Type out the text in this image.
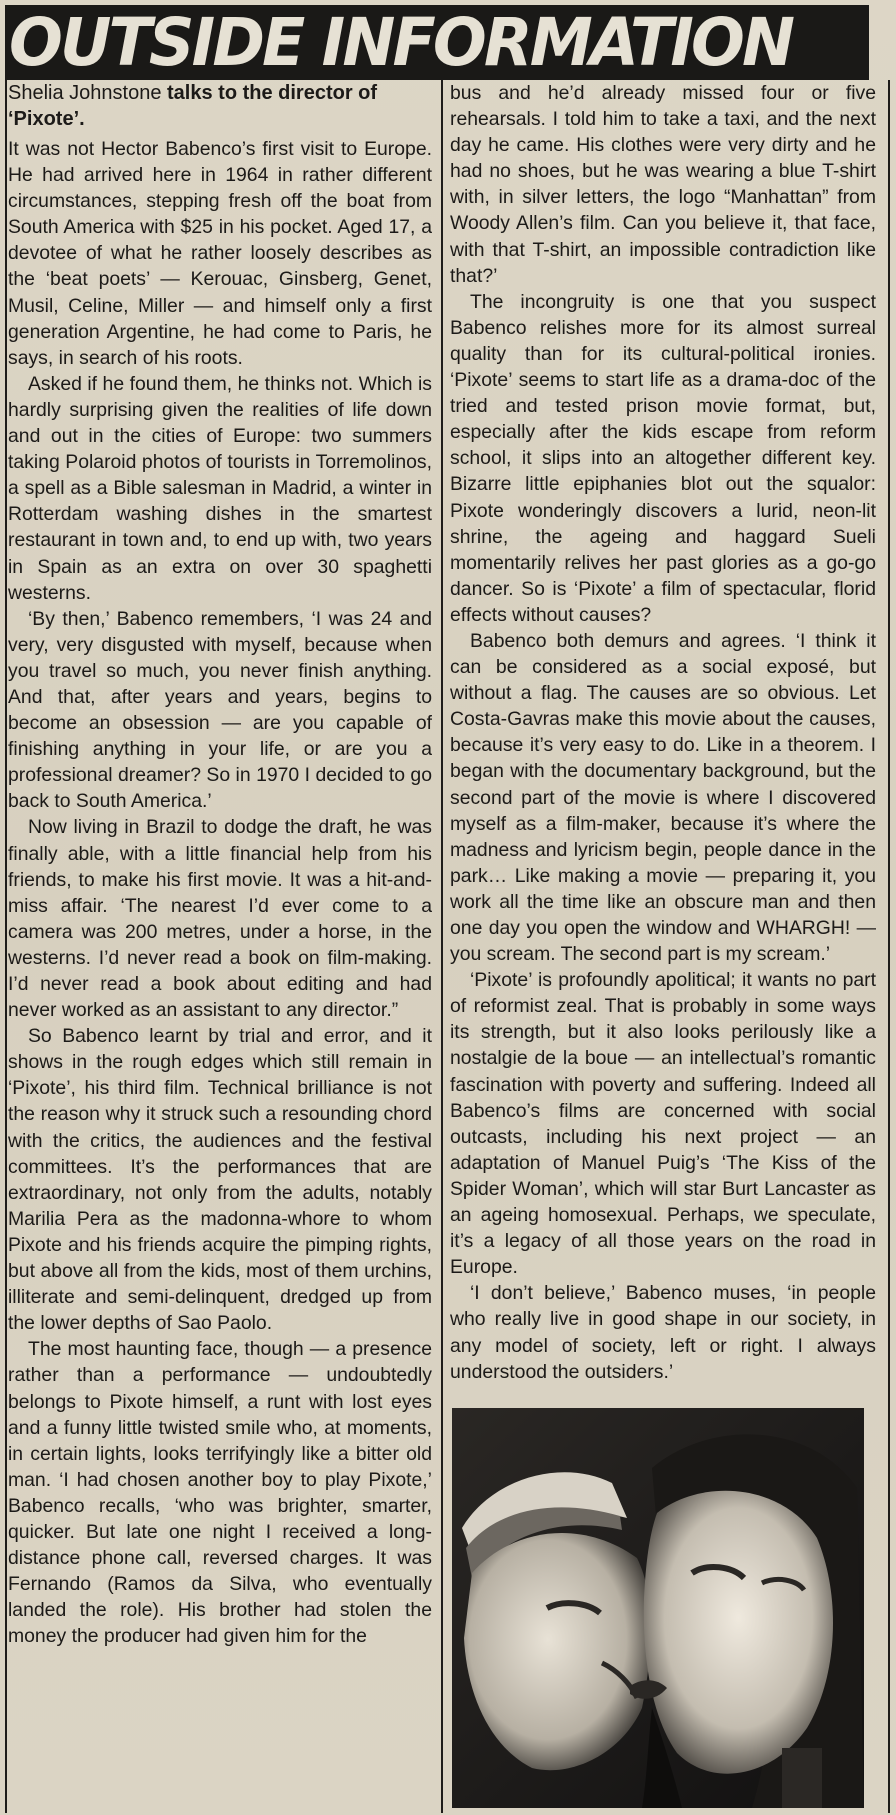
OUTSIDE INFORMATION
Shelia Johnstone talks to the director of ‘Pixote’.

It was not Hector Babenco’s first visit to Europe. He had arrived here in 1964 in rather different circumstances, stepping fresh off the boat from South America with $25 in his pocket. Aged 17, a devotee of what he rather loosely describes as the ‘beat poets’ — Kerouac, Ginsberg, Genet, Musil, Celine, Miller — and himself only a first generation Argentine, he had come to Paris, he says, in search of his roots.

Asked if he found them, he thinks not. Which is hardly surprising given the realities of life down and out in the cities of Europe: two summers taking Polaroid photos of tourists in Torremolinos, a spell as a Bible salesman in Madrid, a winter in Rotterdam washing dishes in the smartest restaurant in town and, to end up with, two years in Spain as an extra on over 30 spaghetti westerns.

‘By then,’ Babenco remembers, ‘I was 24 and very, very disgusted with myself, because when you travel so much, you never finish anything. And that, after years and years, begins to become an obsession — are you capable of finishing anything in your life, or are you a professional dreamer? So in 1970 I decided to go back to South America.’

Now living in Brazil to dodge the draft, he was finally able, with a little financial help from his friends, to make his first movie. It was a hit-and-miss affair. ‘The nearest I’d ever come to a camera was 200 metres, under a horse, in the westerns. I’d never read a book on film-making. I’d never read a book about editing and had never worked as an assistant to any director.”

So Babenco learnt by trial and error, and it shows in the rough edges which still remain in ‘Pixote’, his third film. Technical brilliance is not the reason why it struck such a resounding chord with the critics, the audiences and the festival committees. It’s the performances that are extraordinary, not only from the adults, notably Marilia Pera as the madonna-whore to whom Pixote and his friends acquire the pimping rights, but above all from the kids, most of them urchins, illiterate and semi-delinquent, dredged up from the lower depths of Sao Paolo.

The most haunting face, though — a presence rather than a performance — undoubtedly belongs to Pixote himself, a runt with lost eyes and a funny little twisted smile who, at moments, in certain lights, looks terrifyingly like a bitter old man. ‘I had chosen another boy to play Pixote,’ Babenco recalls, ‘who was brighter, smarter, quicker. But late one night I received a long-distance phone call, reversed charges. It was Fernando (Ramos da Silva, who eventually landed the role). His brother had stolen the money the producer had given him for the

bus and he’d already missed four or five rehearsals. I told him to take a taxi, and the next day he came. His clothes were very dirty and he had no shoes, but he was wearing a blue T-shirt with, in silver letters, the logo “Manhattan” from Woody Allen’s film. Can you believe it, that face, with that T-shirt, an impossible contradiction like that?’

The incongruity is one that you suspect Babenco relishes more for its almost surreal quality than for its cultural-political ironies. ‘Pixote’ seems to start life as a drama-doc of the tried and tested prison movie format, but, especially after the kids escape from reform school, it slips into an altogether different key. Bizarre little epiphanies blot out the squalor: Pixote wonderingly discovers a lurid, neon-lit shrine, the ageing and haggard Sueli momentarily relives her past glories as a go-go dancer. So is ‘Pixote’ a film of spectacular, florid effects without causes?

Babenco both demurs and agrees. ‘I think it can be considered as a social exposé, but without a flag. The causes are so obvious. Let Costa-Gavras make this movie about the causes, because it’s very easy to do. Like in a theorem. I began with the documentary background, but the second part of the movie is where I discovered myself as a film-maker, because it’s where the madness and lyricism begin, people dance in the park… Like making a movie — preparing it, you work all the time like an obscure man and then one day you open the window and WHARGH! — you scream. The second part is my scream.’

‘Pixote’ is profoundly apolitical; it wants no part of reformist zeal. That is probably in some ways its strength, but it also looks perilously like a nostalgie de la boue — an intellectual’s romantic fascination with poverty and suffering. Indeed all Babenco’s films are concerned with social outcasts, including his next project — an adaptation of Manuel Puig’s ‘The Kiss of the Spider Woman’, which will star Burt Lancaster as an ageing homosexual. Perhaps, we speculate, it’s a legacy of all those years on the road in Europe.

‘I don’t believe,’ Babenco muses, ‘in people who really live in good shape in our society, in any model of society, left or right. I always understood the outsiders.’
